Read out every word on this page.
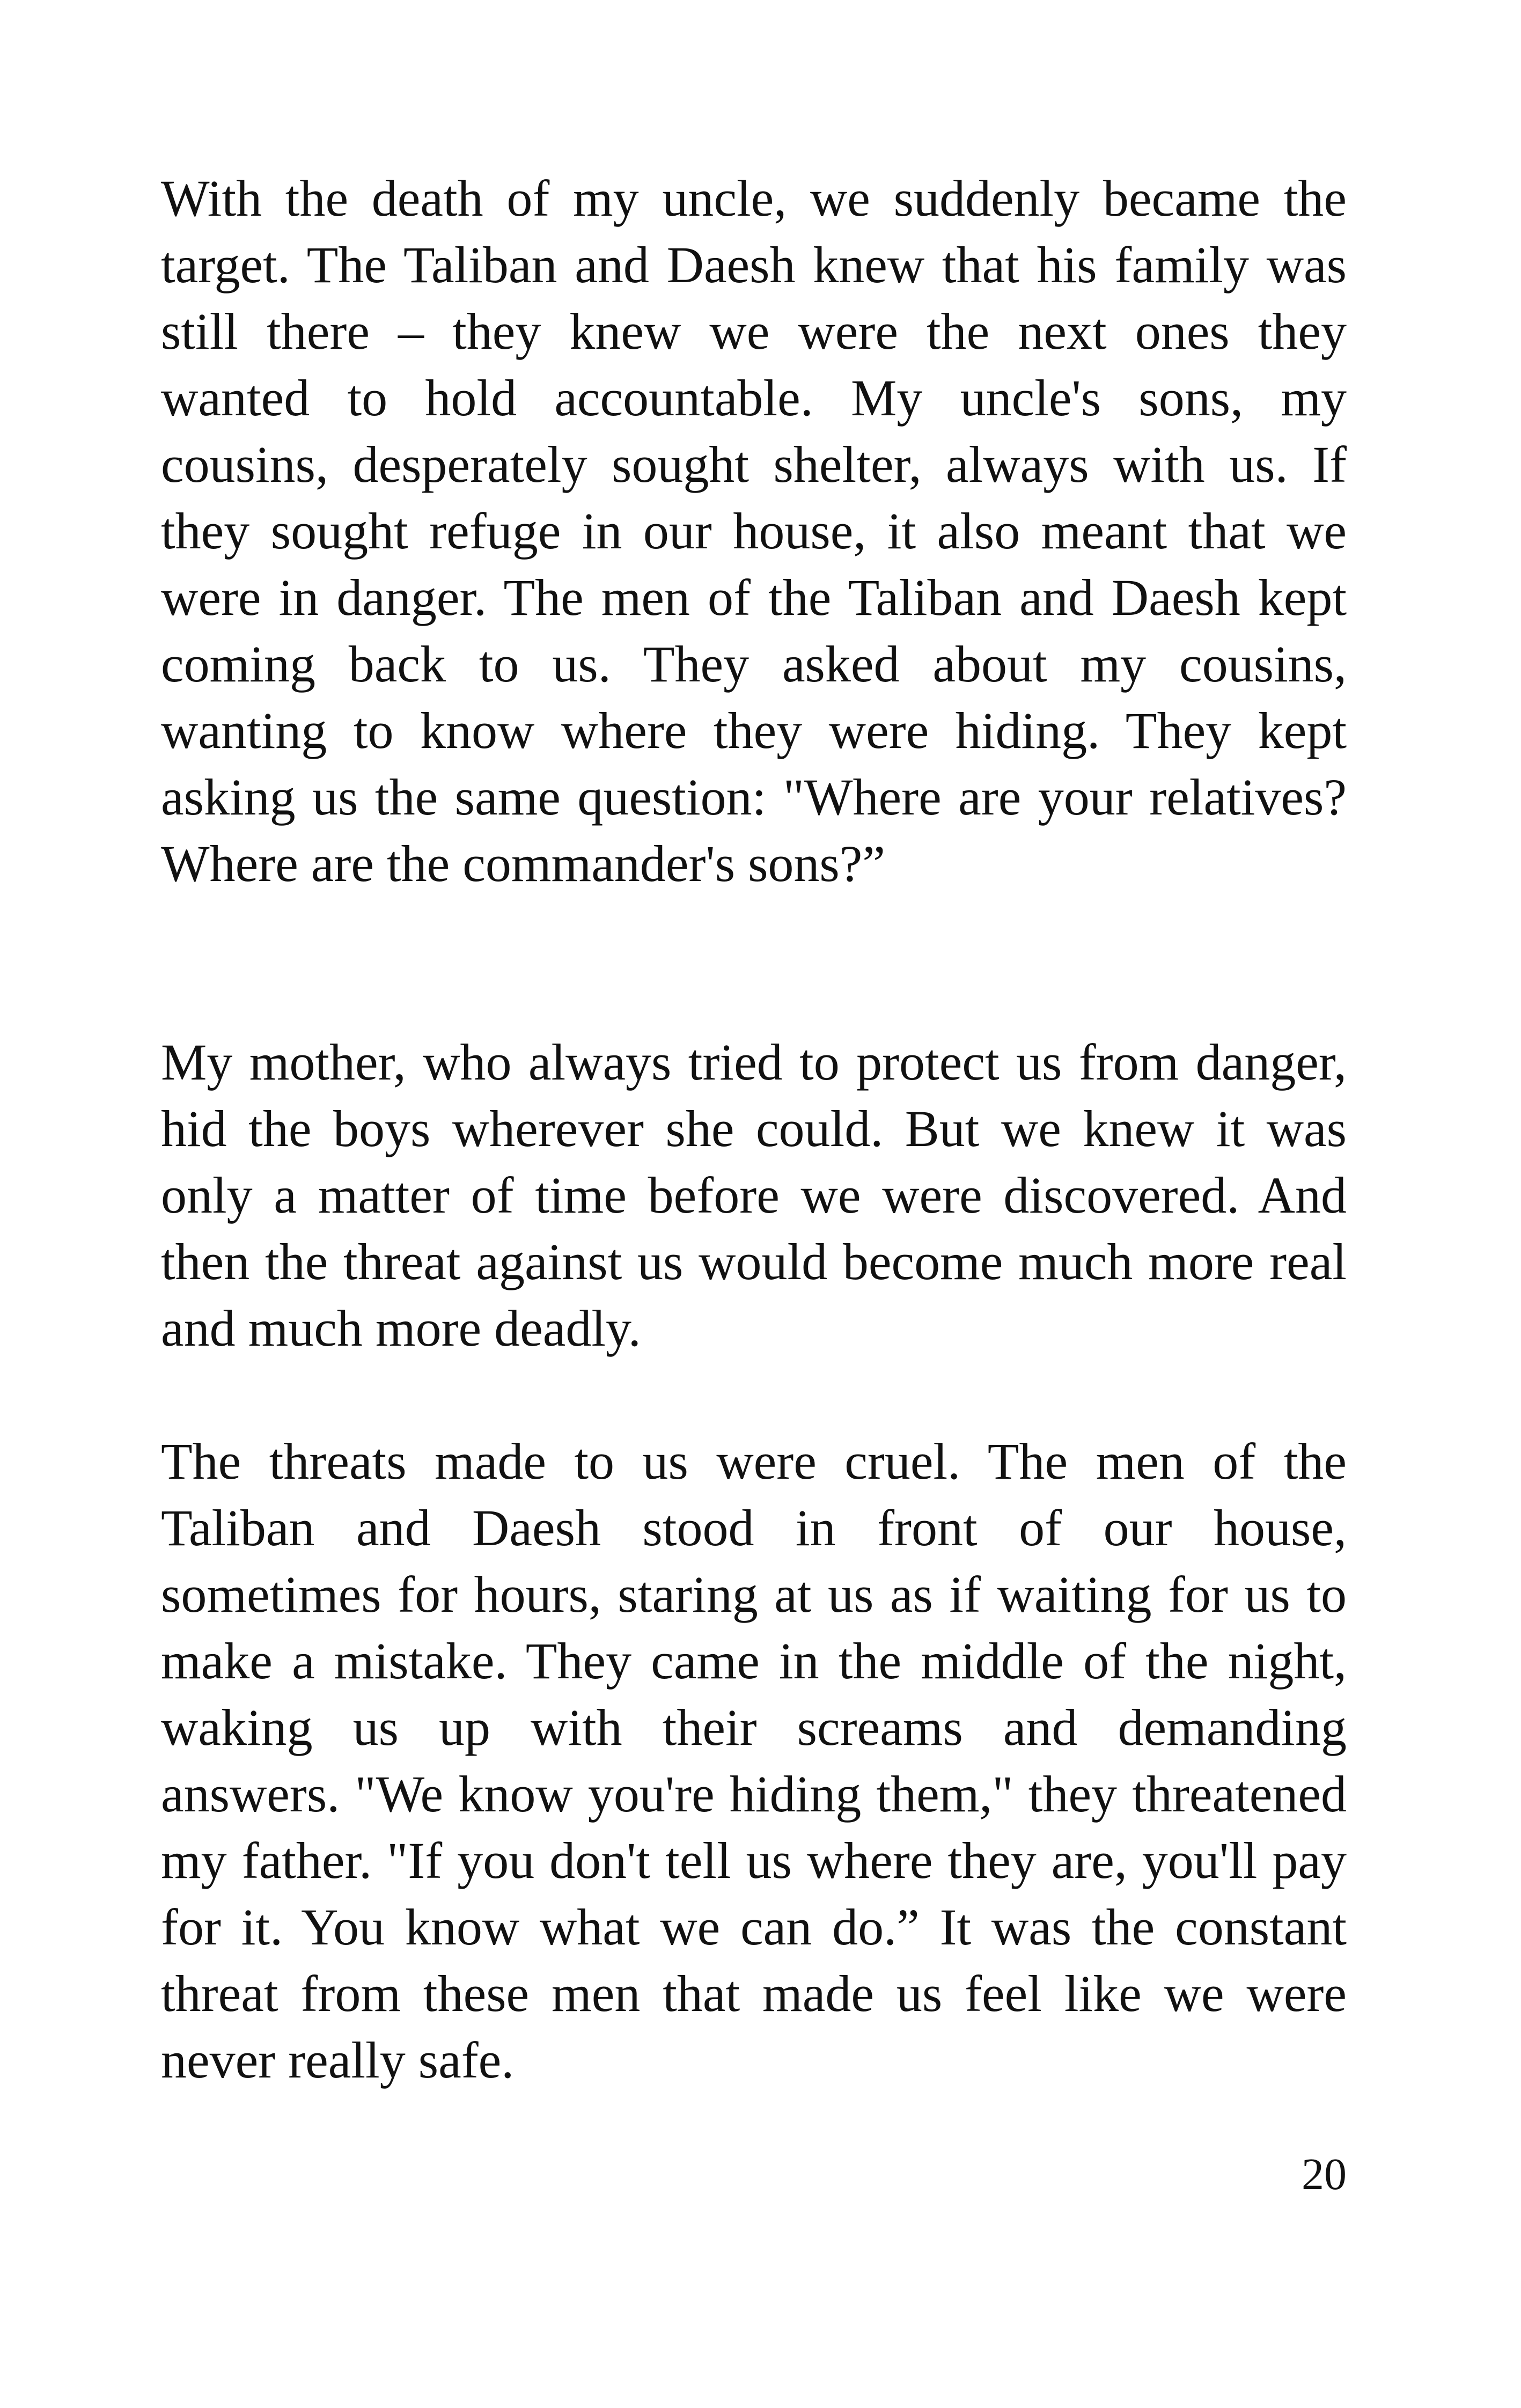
With the death of my uncle, we suddenly became the target. The Taliban and Daesh knew that his family was still there – they knew we were the next ones they wanted to hold accountable. My uncle's sons, my cousins, desperately sought shelter, always with us. If they sought refuge in our house, it also meant that we were in danger. The men of the Taliban and Daesh kept coming back to us. They asked about my cousins, wanting to know where they were hiding. They kept asking us the same question: "Where are your relatives? Where are the commander's sons?”

My mother, who always tried to protect us from danger, hid the boys wherever she could. But we knew it was only a matter of time before we were discovered. And then the threat against us would become much more real and much more deadly.

The threats made to us were cruel. The men of the Taliban and Daesh stood in front of our house, sometimes for hours, staring at us as if waiting for us to make a mistake. They came in the middle of the night, waking us up with their screams and demanding answers. "We know you're hiding them," they threatened my father. "If you don't tell us where they are, you'll pay for it. You know what we can do.” It was the constant threat from these men that made us feel like we were never really safe.

20
